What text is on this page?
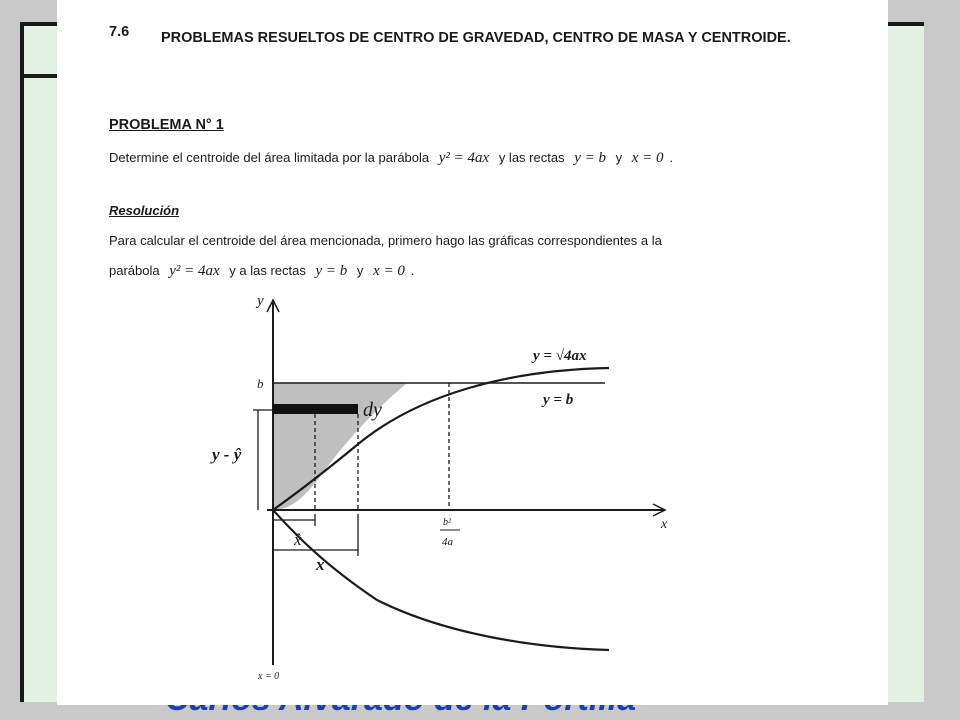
7.6 PROBLEMAS RESUELTOS DE CENTRO DE GRAVEDAD, CENTRO DE MASA Y CENTROIDE.
PROBLEMA N° 1
Determine el centroide del área limitada por la parábola y² = 4ax y las rectas y = b y x = 0 .
Resolución
Para calcular el centroide del área mencionada, primero hago las gráficas correspondientes a la
parábola y² = 4ax y a las rectas y = b y x = 0 .
y
x
b
y = √4ax
y = b
dy
y - ŷ
x̂
x
b²
4a
x = 0
